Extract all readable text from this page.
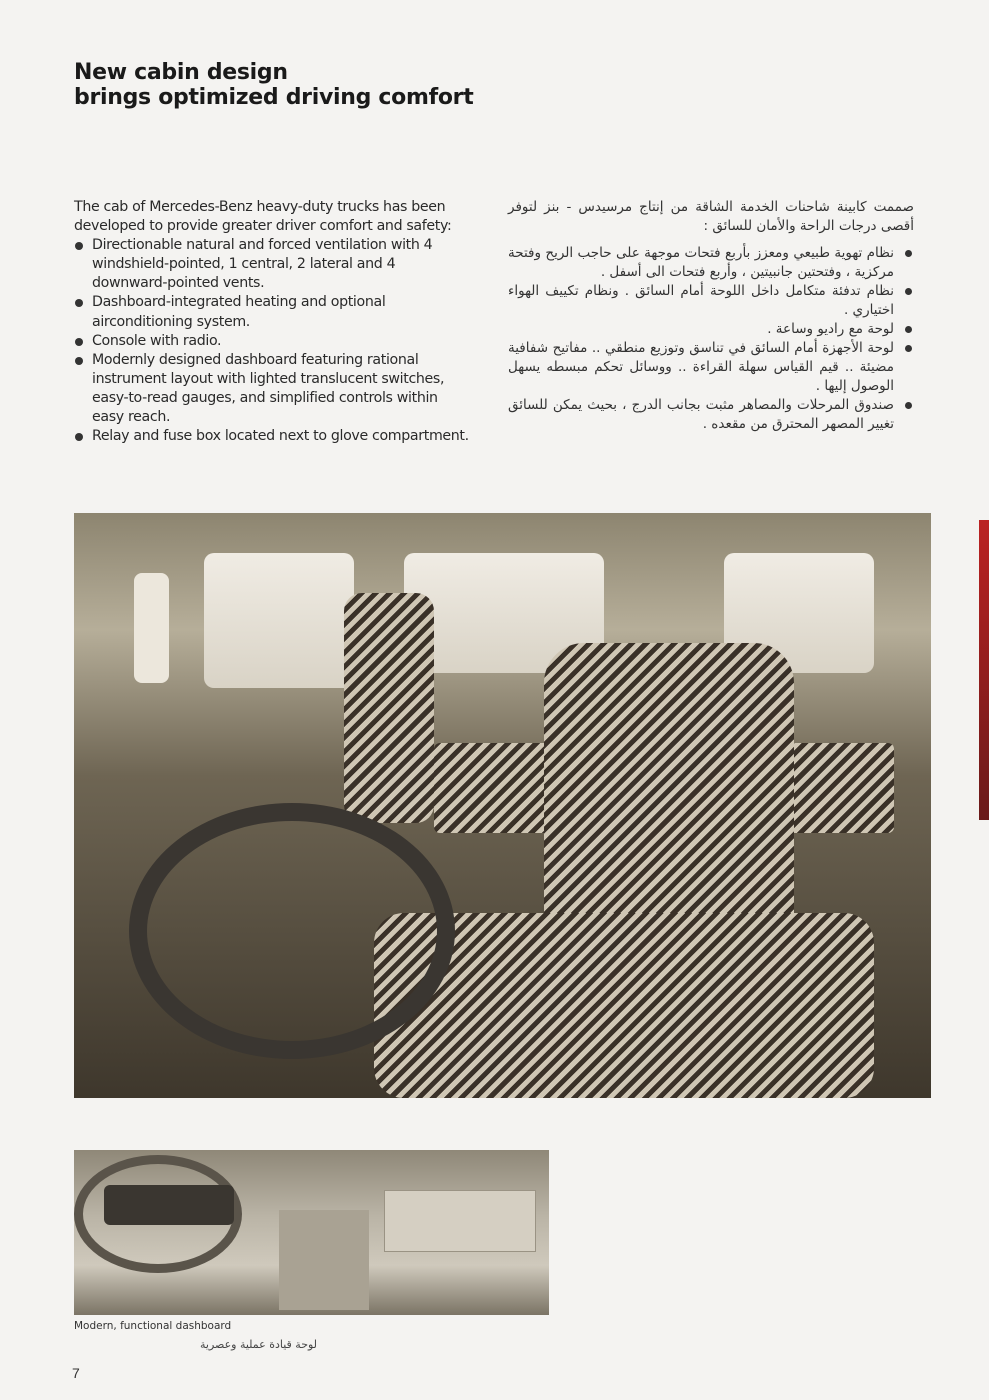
New cabin design
brings optimized driving comfort
The cab of Mercedes-Benz heavy-duty trucks has been developed to provide greater driver comfort and safety:
Directionable natural and forced ventilation with 4 windshield-pointed, 1 central, 2 lateral and 4 downward-pointed vents.
Dashboard-integrated heating and optional airconditioning system.
Console with radio.
Modernly designed dashboard featuring rational instrument layout with lighted translucent switches, easy-to-read gauges, and simplified controls within easy reach.
Relay and fuse box located next to glove compartment.
صممت كابينة شاحنات الخدمة الشاقة من إنتاج مرسيدس - بنز لتوفر أقصى درجات الراحة والأمان للسائق :
نظام تهوية طبيعي ومعزز بأربع فتحات موجهة على حاجب الريح وفتحة مركزية ، وفتحتين جانبيتين ، وأربع فتحات الى أسفل .
نظام تدفئة متكامل داخل اللوحة أمام السائق . ونظام تكييف الهواء اختياري .
لوحة مع راديو وساعة .
لوحة الأجهزة أمام السائق في تناسق وتوزيع منطقي .. مفاتيح شفافية مضيئة .. قيم القياس سهلة القراءة .. ووسائل تحكم مبسطه يسهل الوصول إليها .
صندوق المرحلات والمصاهر مثبت بجانب الدرج ، بحيث يمكن للسائق تغيير المصهر المحترق من مقعده .
Modern, functional dashboard
لوحة قيادة عملية وعصرية
7
